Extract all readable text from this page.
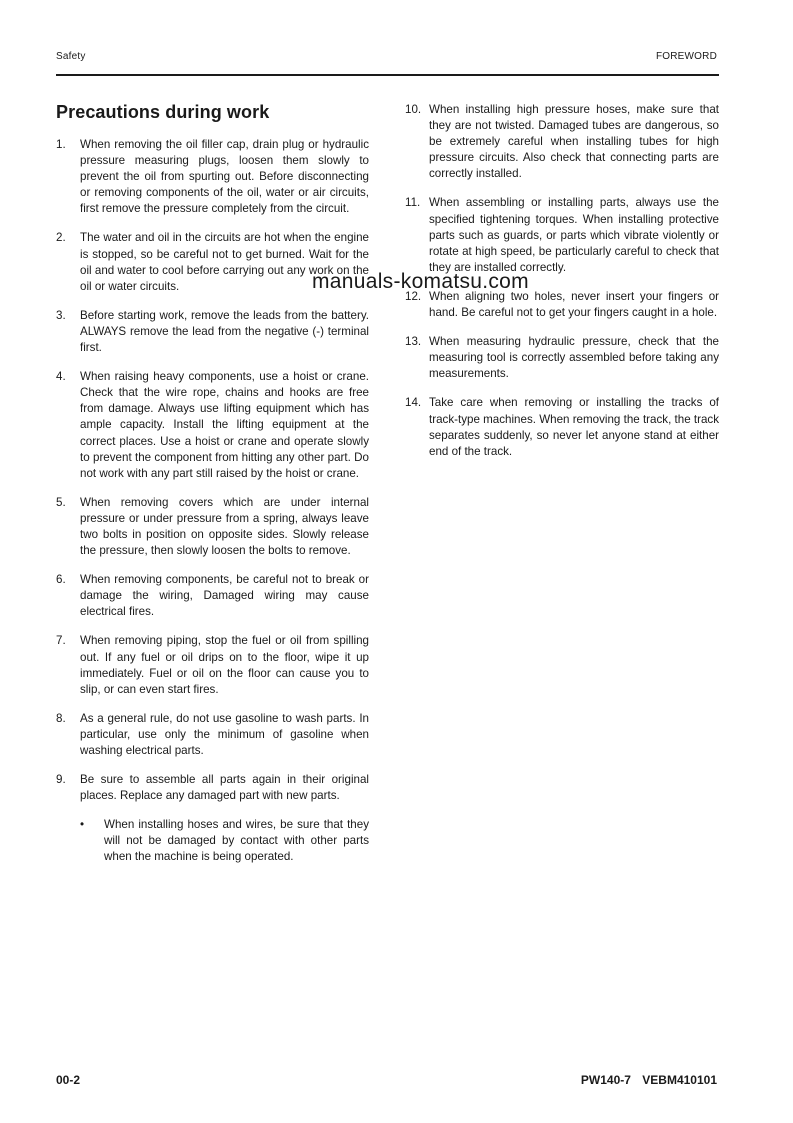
Safety	FOREWORD
Precautions during work
1. When removing the oil filler cap, drain plug or hydraulic pressure measuring plugs, loosen them slowly to prevent the oil from spurting out. Before disconnecting or removing components of the oil, water or air circuits, first remove the pressure completely from the circuit.
2. The water and oil in the circuits are hot when the engine is stopped, so be careful not to get burned. Wait for the oil and water to cool before carrying out any work on the oil or water circuits.
3. Before starting work, remove the leads from the battery. ALWAYS remove the lead from the negative (-) terminal first.
4. When raising heavy components, use a hoist or crane. Check that the wire rope, chains and hooks are free from damage. Always use lifting equipment which has ample capacity. Install the lifting equipment at the correct places. Use a hoist or crane and operate slowly to prevent the component from hitting any other part. Do not work with any part still raised by the hoist or crane.
5. When removing covers which are under internal pressure or under pressure from a spring, always leave two bolts in position on opposite sides. Slowly release the pressure, then slowly loosen the bolts to remove.
6. When removing components, be careful not to break or damage the wiring, Damaged wiring may cause electrical fires.
7. When removing piping, stop the fuel or oil from spilling out. If any fuel or oil drips on to the floor, wipe it up immediately. Fuel or oil on the floor can cause you to slip, or can even start fires.
8. As a general rule, do not use gasoline to wash parts. In particular, use only the minimum of gasoline when washing electrical parts.
9. Be sure to assemble all parts again in their original places. Replace any damaged part with new parts.
• When installing hoses and wires, be sure that they will not be damaged by contact with other parts when the machine is being operated.
10. When installing high pressure hoses, make sure that they are not twisted. Damaged tubes are dangerous, so be extremely careful when installing tubes for high pressure circuits. Also check that connecting parts are correctly installed.
11. When assembling or installing parts, always use the specified tightening torques. When installing protective parts such as guards, or parts which vibrate violently or rotate at high speed, be particularly careful to check that they are installed correctly.
12. When aligning two holes, never insert your fingers or hand. Be careful not to get your fingers caught in a hole.
13. When measuring hydraulic pressure, check that the measuring tool is correctly assembled before taking any measurements.
14. Take care when removing or installing the tracks of track-type machines. When removing the track, the track separates suddenly, so never let anyone stand at either end of the track.
manuals-komatsu.com
00-2	PW140-7 VEBM410101
